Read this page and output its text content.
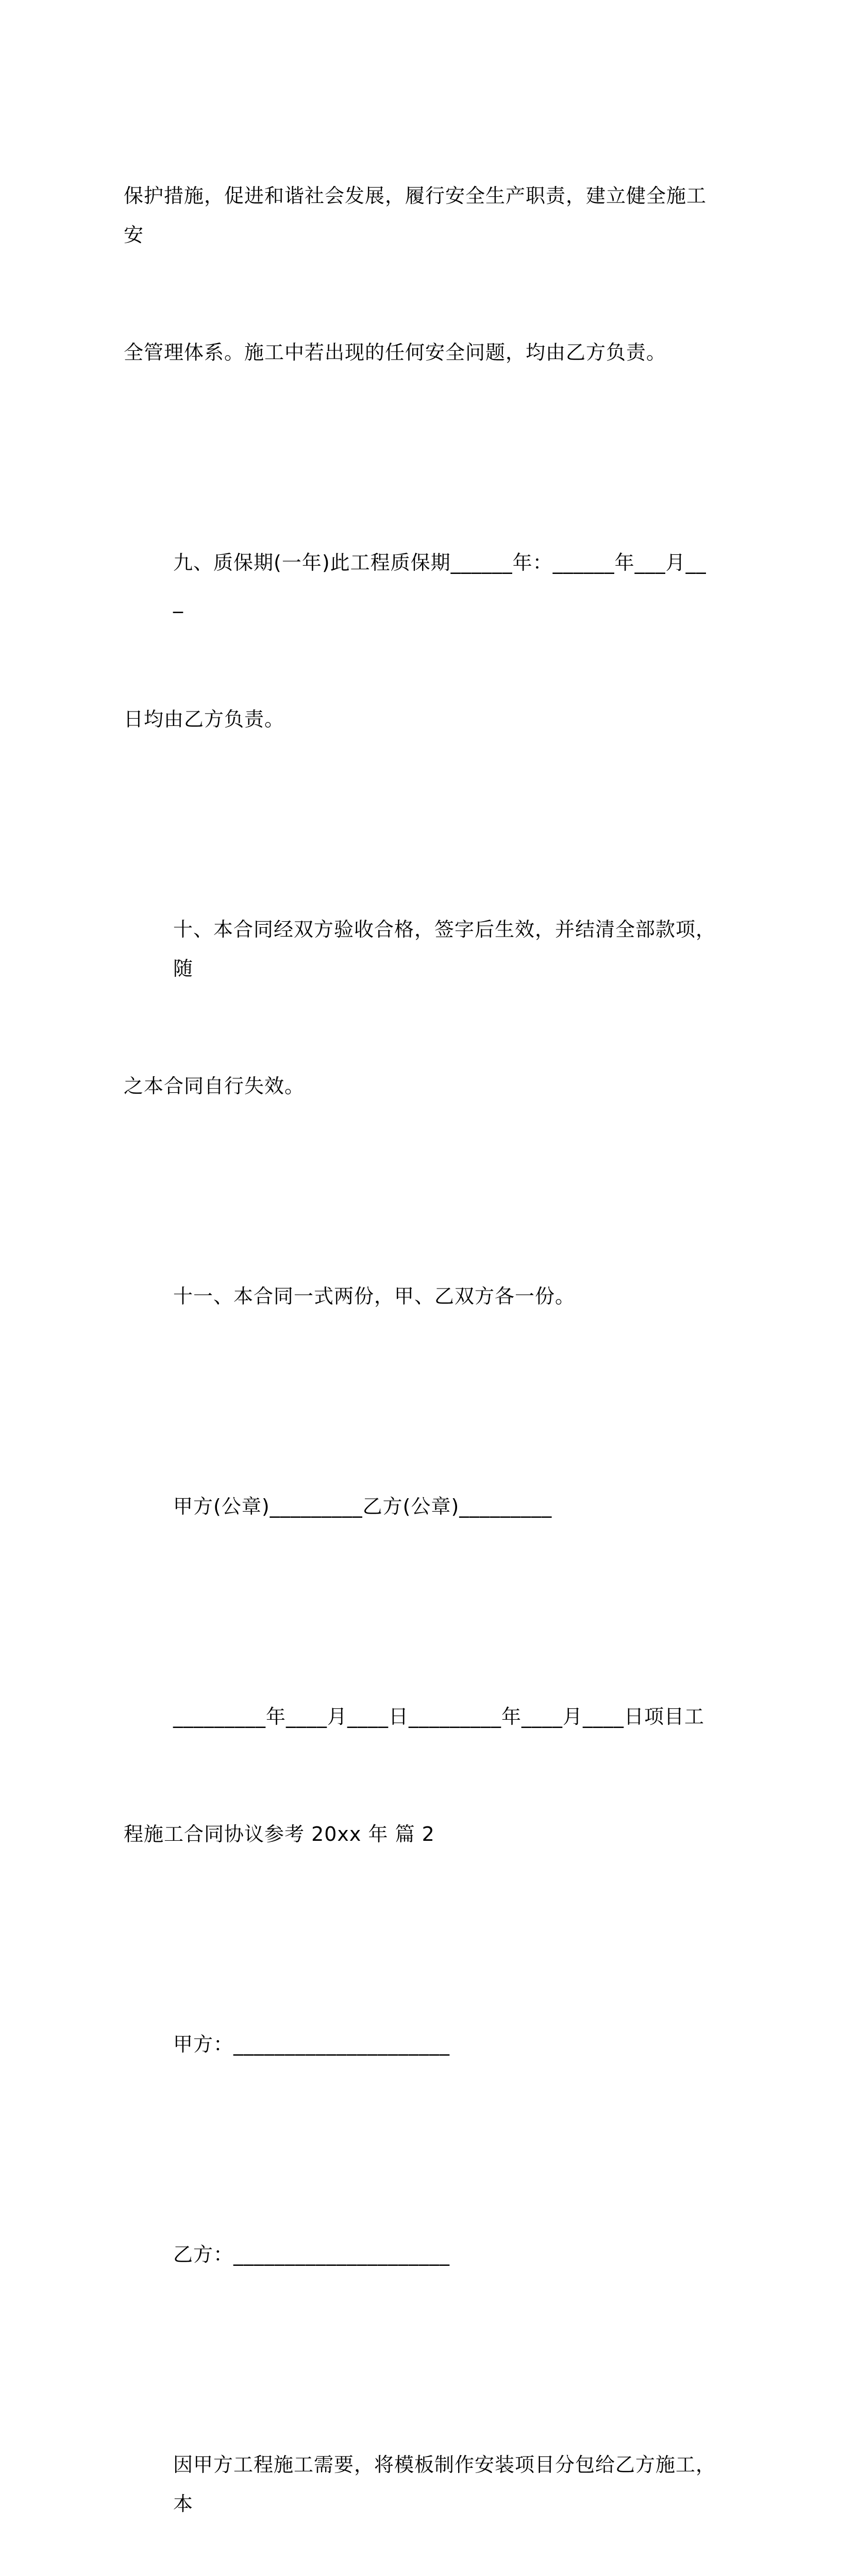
保护措施，促进和谐社会发展，履行安全生产职责，建立健全施工安

全管理体系。施工中若出现的任何安全问题，均由乙方负责。

九、质保期(一年)此工程质保期______年：______年___月___

日均由乙方负责。

十、本合同经双方验收合格，签字后生效，并结清全部款项，随

之本合同自行失效。

十一、本合同一式两份，甲、乙双方各一份。

甲方(公章)_________乙方(公章)_________

_________年____月____日_________年____月____日项目工

程施工合同协议参考 20xx 年 篇 2

甲方：_____________________

乙方：_____________________

因甲方工程施工需要，将模板制作安装项目分包给乙方施工，本
